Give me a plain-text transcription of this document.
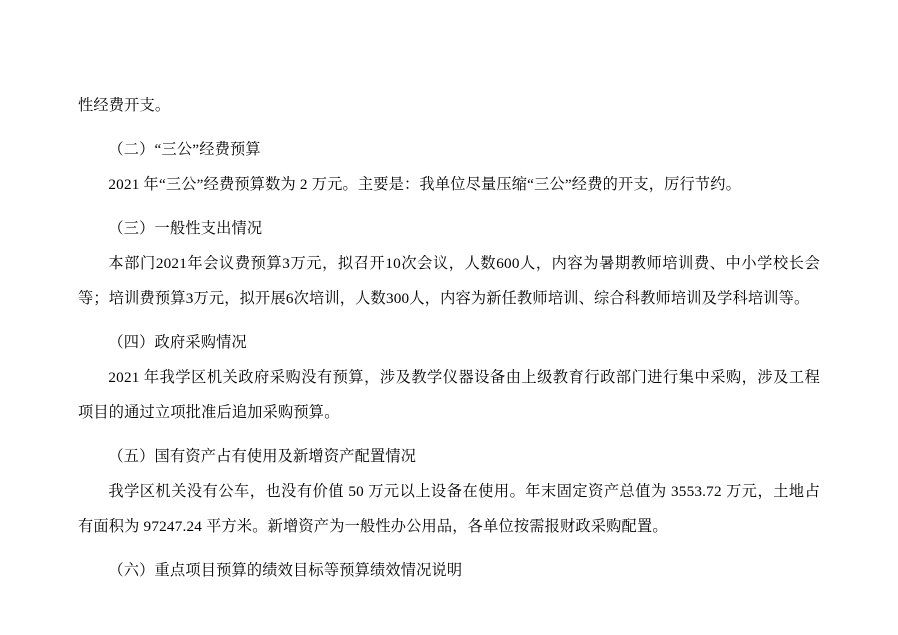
性经费开支。

（二）“三公”经费预算

2021 年“三公”经费预算数为 2 万元。主要是：我单位尽量压缩“三公”经费的开支，厉行节约。

（三）一般性支出情况

本部门2021年会议费预算3万元，拟召开10次会议，人数600人，内容为暑期教师培训费、中小学校长会等；培训费预算3万元，拟开展6次培训，人数300人，内容为新任教师培训、综合科教师培训及学科培训等。

（四）政府采购情况

2021 年我学区机关政府采购没有预算，涉及教学仪器设备由上级教育行政部门进行集中采购，涉及工程项目的通过立项批准后追加采购预算。

（五）国有资产占有使用及新增资产配置情况

我学区机关没有公车，也没有价值 50 万元以上设备在使用。年末固定资产总值为 3553.72 万元，土地占有面积为 97247.24 平方米。新增资产为一般性办公用品，各单位按需报财政采购配置。

（六）重点项目预算的绩效目标等预算绩效情况说明
